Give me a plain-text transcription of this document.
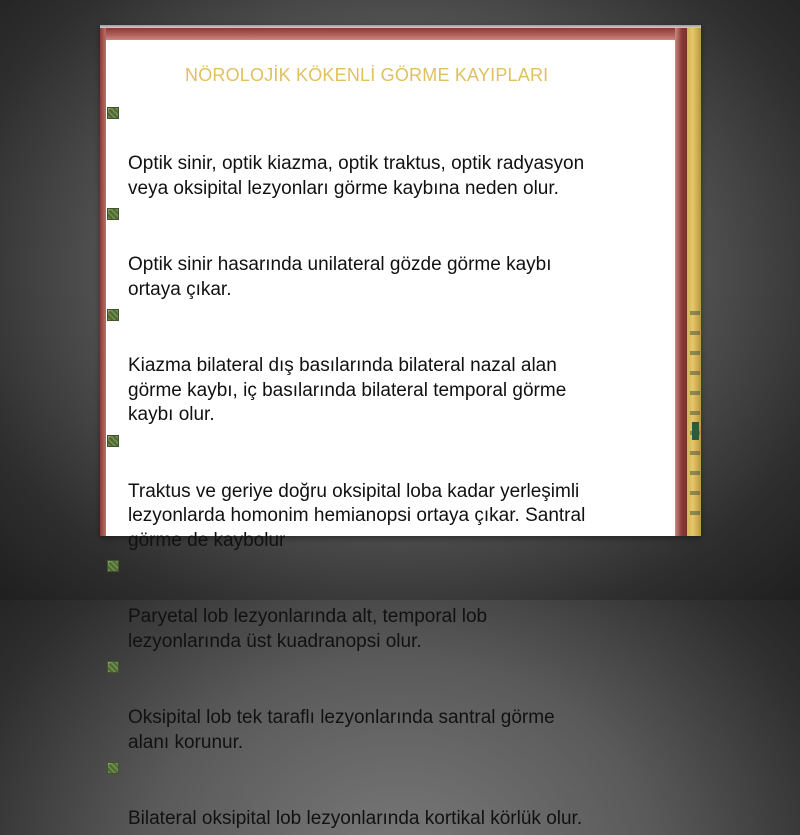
NÖROLOJİK KÖKENLİ GÖRME KAYIPLARI

Optik sinir, optik kiazma, optik traktus, optik radyasyon
veya oksipital lezyonları görme kaybına neden olur.

Optik sinir hasarında unilateral gözde görme kaybı
ortaya çıkar.

Kiazma bilateral dış basılarında bilateral nazal alan
görme kaybı, iç basılarında bilateral temporal görme
kaybı olur.

Traktus ve geriye doğru oksipital loba kadar yerleşimli
lezyonlarda homonim hemianopsi ortaya çıkar. Santral
görme de kaybolur

Paryetal lob lezyonlarında alt, temporal lob
lezyonlarında üst kuadranopsi olur.

Oksipital lob tek taraflı lezyonlarında santral görme
alanı korunur.

Bilateral oksipital lob lezyonlarında kortikal körlük olur.
